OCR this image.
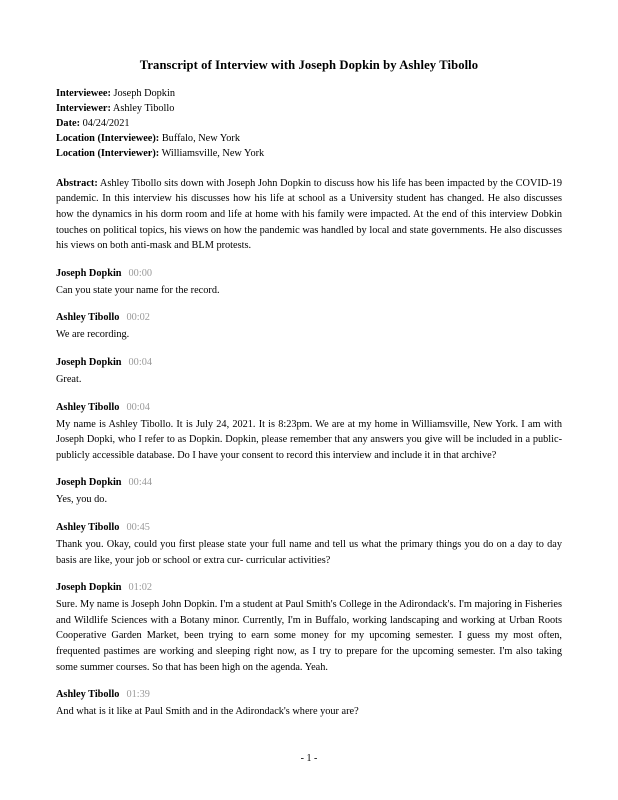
Transcript of Interview with Joseph Dopkin by Ashley Tibollo

Interviewee: Joseph Dopkin

Interviewer: Ashley Tibollo

Date: 04/24/2021

Location (Interviewee): Buffalo, New York

Location (Interviewer): Williamsville, New York

Abstract: Ashley Tibollo sits down with Joseph John Dopkin to discuss how his life has been impacted by the COVID-19 pandemic. In this interview his discusses how his life at school as a University student has changed. He also discusses how the dynamics in his dorm room and life at home with his family were impacted. At the end of this interview Dobkin touches on political topics, his views on how the pandemic was handled by local and state governments. He also discusses his views on both anti-mask and BLM protests.

Joseph Dopkin 00:00

Can you state your name for the record.

Ashley Tibollo 00:02

We are recording.

Joseph Dopkin 00:04

Great.

Ashley Tibollo 00:04

My name is Ashley Tibollo. It is July 24, 2021. It is 8:23pm. We are at my home in Williamsville, New York. I am with Joseph Dopki, who I refer to as Dopkin. Dopkin, please remember that any answers you give will be included in a public- publicly accessible database. Do I have your consent to record this interview and include it in that archive?

Joseph Dopkin 00:44

Yes, you do.

Ashley Tibollo 00:45

Thank you. Okay, could you first please state your full name and tell us what the primary things you do on a day to day basis are like, your job or school or extra cur- curricular activities?

Joseph Dopkin 01:02

Sure. My name is Joseph John Dopkin. I'm a student at Paul Smith's College in the Adirondack's. I'm majoring in Fisheries and Wildlife Sciences with a Botany minor. Currently, I'm in Buffalo, working landscaping and working at Urban Roots Cooperative Garden Market, been trying to earn some money for my upcoming semester. I guess my most often, frequented pastimes are working and sleeping right now, as I try to prepare for the upcoming semester. I'm also taking some summer courses. So that has been high on the agenda. Yeah.

Ashley Tibollo 01:39

And what is it like at Paul Smith and in the Adirondack's where your are?

- 1 -
